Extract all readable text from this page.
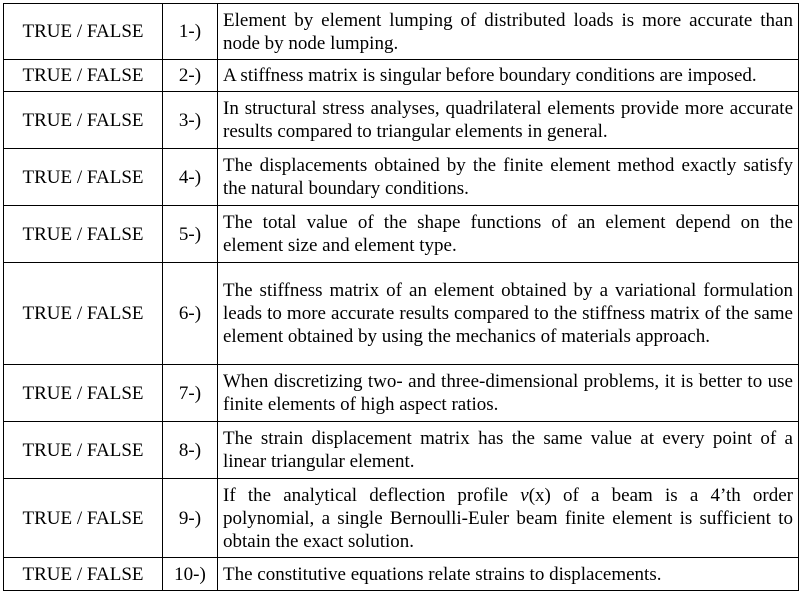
TRUE / FALSE	1-)	Element by element lumping of distributed loads is more accurate than node by node lumping.
TRUE / FALSE	2-)	A stiffness matrix is singular before boundary conditions are imposed.
TRUE / FALSE	3-)	In structural stress analyses, quadrilateral elements provide more accurate results compared to triangular elements in general.
TRUE / FALSE	4-)	The displacements obtained by the finite element method exactly satisfy the natural boundary conditions.
TRUE / FALSE	5-)	The total value of the shape functions of an element depend on the element size and element type.
TRUE / FALSE	6-)	The stiffness matrix of an element obtained by a variational formulation leads to more accurate results compared to the stiffness matrix of the same element obtained by using the mechanics of materials approach.
TRUE / FALSE	7-)	When discretizing two- and three-dimensional problems, it is better to use finite elements of high aspect ratios.
TRUE / FALSE	8-)	The strain displacement matrix has the same value at every point of a linear triangular element.
TRUE / FALSE	9-)	If the analytical deflection profile v(x) of a beam is a 4’th order polynomial, a single Bernoulli-Euler beam finite element is sufficient to obtain the exact solution.
TRUE / FALSE	10-)	The constitutive equations relate strains to displacements.
